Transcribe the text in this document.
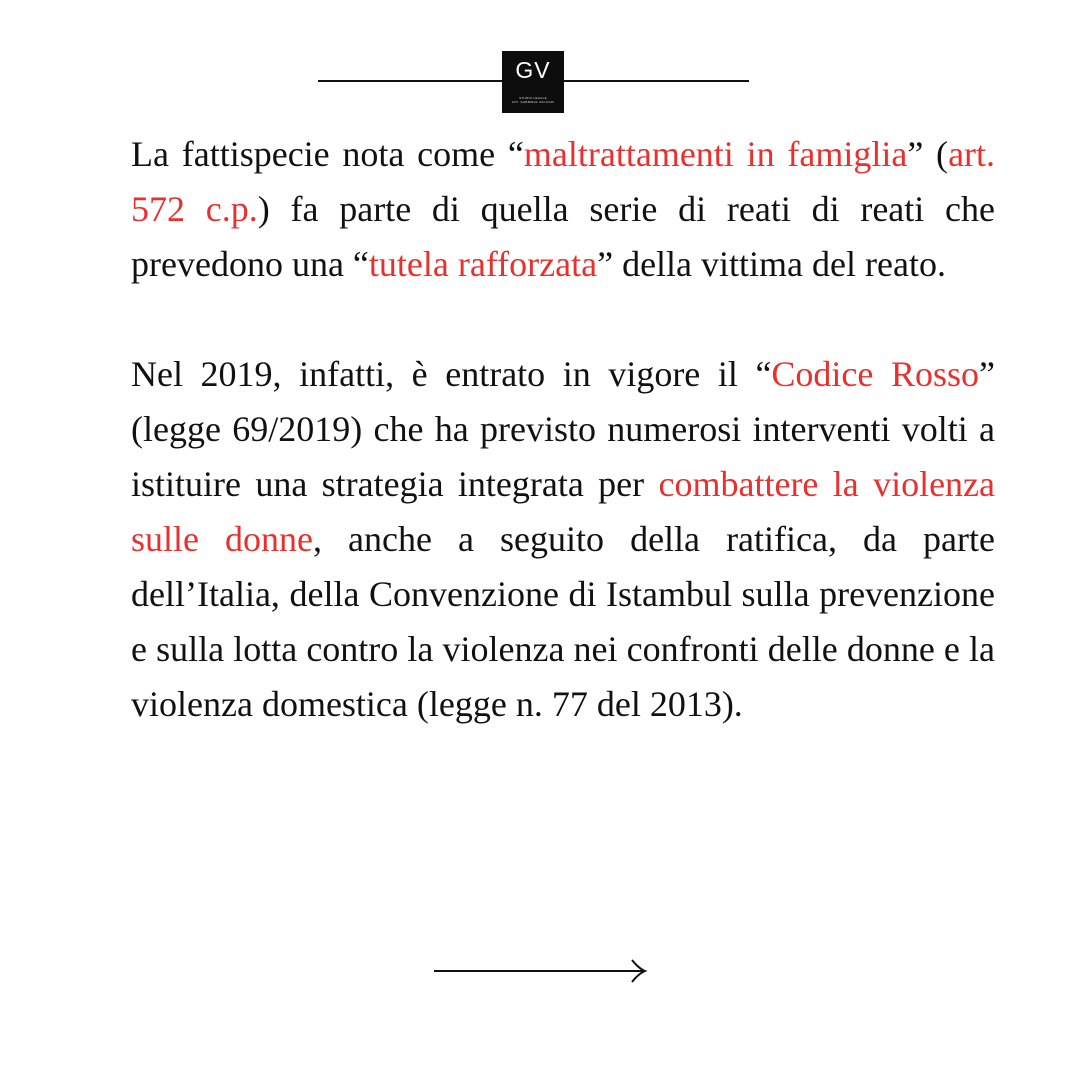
GV
STUDIO LEGALE
AVV. GABRIELE VACCARI

La fattispecie nota come “maltrattamenti in famiglia” (art. 572 c.p.) fa parte di quella serie di reati di reati che prevedono una “tutela rafforzata” della vittima del reato.

Nel 2019, infatti, è entrato in vigore il “Codice Rosso” (legge 69/2019) che ha previsto numerosi interventi volti a istituire una strategia integrata per combattere la violenza sulle donne, anche a seguito della ratifica, da parte dell’Italia, della Convenzione di Istambul sulla prevenzione e sulla lotta contro la violenza nei confronti delle donne e la violenza domestica (legge n. 77 del 2013).
